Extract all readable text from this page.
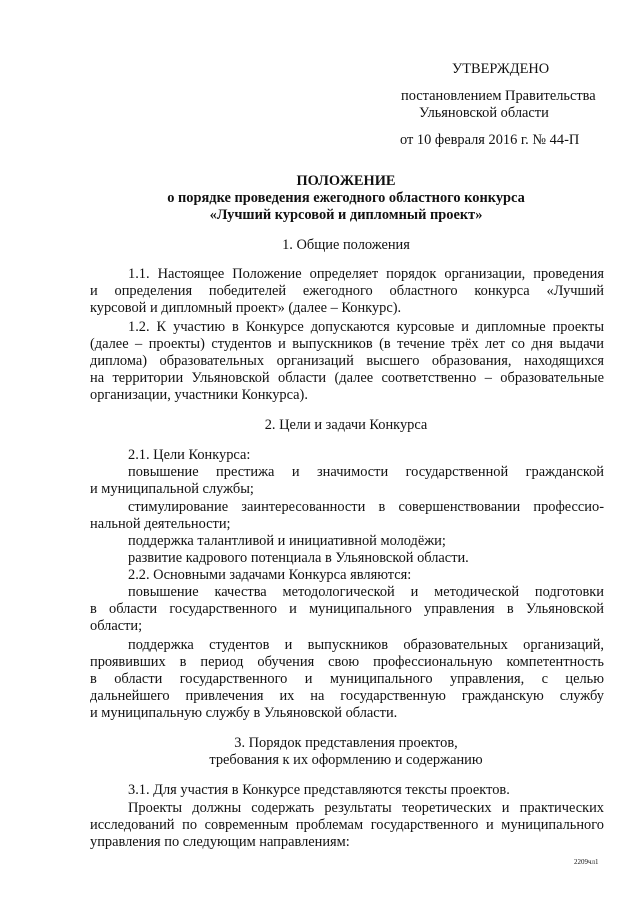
УТВЕРЖДЕНО
постановлением Правительства
Ульяновской области
от 10 февраля 2016 г. № 44-П
ПОЛОЖЕНИЕ
о порядке проведения ежегодного областного конкурса
«Лучший курсовой и дипломный проект»
1. Общие положения
1.1. Настоящее Положение определяет порядок организации, проведения
и определения победителей ежегодного областного конкурса «Лучший
курсовой и дипломный проект» (далее – Конкурс).
1.2. К участию в Конкурсе допускаются курсовые и дипломные проекты
(далее – проекты) студентов и выпускников (в течение трёх лет со дня выдачи
диплома) образовательных организаций высшего образования, находящихся
на территории Ульяновской области (далее соответственно – образовательные
организации, участники Конкурса).
2. Цели и задачи Конкурса
2.1. Цели Конкурса:
повышение престижа и значимости государственной гражданской
и муниципальной службы;
стимулирование заинтересованности в совершенствовании профессио-
нальной деятельности;
поддержка талантливой и инициативной молодёжи;
развитие кадрового потенциала в Ульяновской области.
2.2. Основными задачами Конкурса являются:
повышение качества методологической и методической подготовки
в области государственного и муниципального управления в Ульяновской
области;
поддержка студентов и выпускников образовательных организаций,
проявивших в период обучения свою профессиональную компетентность
в области государственного и муниципального управления, с целью
дальнейшего привлечения их на государственную гражданскую службу
и муниципальную службу в Ульяновской области.
3. Порядок представления проектов,
требования к их оформлению и содержанию
3.1. Для участия в Конкурсе представляются тексты проектов.
Проекты должны содержать результаты теоретических и практических
исследований по современным проблемам государственного и муниципального
управления по следующим направлениям:
2209чл1
